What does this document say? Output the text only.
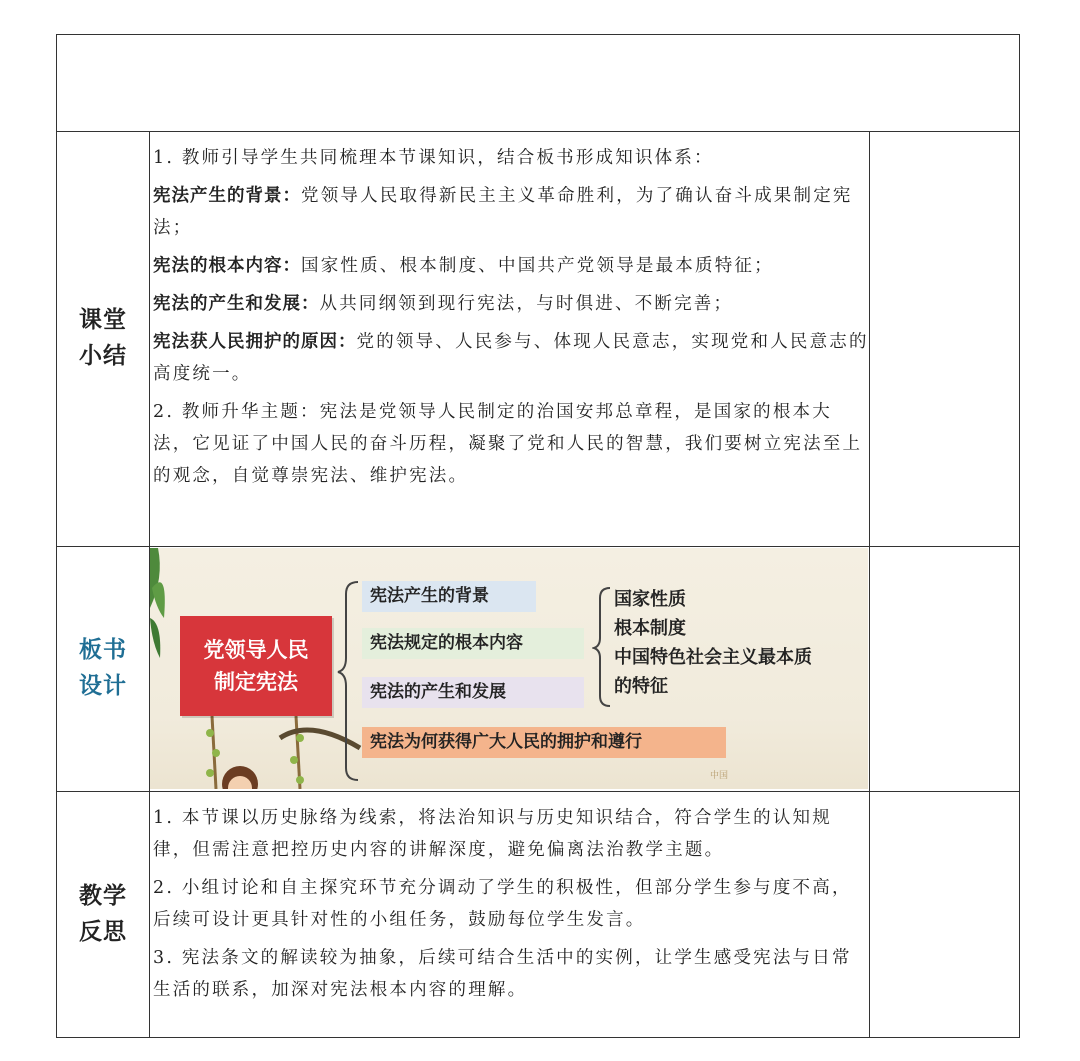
课堂
小结

1. 教师引导学生共同梳理本节课知识，结合板书形成知识体系：

宪法产生的背景：党领导人民取得新民主主义革命胜利，为了确认奋斗成果制定宪法；

宪法的根本内容：国家性质、根本制度、中国共产党领导是最本质特征；

宪法的产生和发展：从共同纲领到现行宪法，与时俱进、不断完善；

宪法获人民拥护的原因：党的领导、人民参与、体现人民意志，实现党和人民意志的高度统一。

2. 教师升华主题：宪法是党领导人民制定的治国安邦总章程，是国家的根本大法，它见证了中国人民的奋斗历程，凝聚了党和人民的智慧，我们要树立宪法至上的观念，自觉尊崇宪法、维护宪法。

板书
设计
中国
党领导人民
制定宪法
宪法产生的背景
宪法规定的根本内容
宪法的产生和发展
宪法为何获得广大人民的拥护和遵行
国家性质
根本制度
中国特色社会主义最本质
的特征
教学
反思

1. 本节课以历史脉络为线索，将法治知识与历史知识结合，符合学生的认知规律，但需注意把控历史内容的讲解深度，避免偏离法治教学主题。

2. 小组讨论和自主探究环节充分调动了学生的积极性，但部分学生参与度不高，后续可设计更具针对性的小组任务，鼓励每位学生发言。

3. 宪法条文的解读较为抽象，后续可结合生活中的实例，让学生感受宪法与日常生活的联系，加深对宪法根本内容的理解。
